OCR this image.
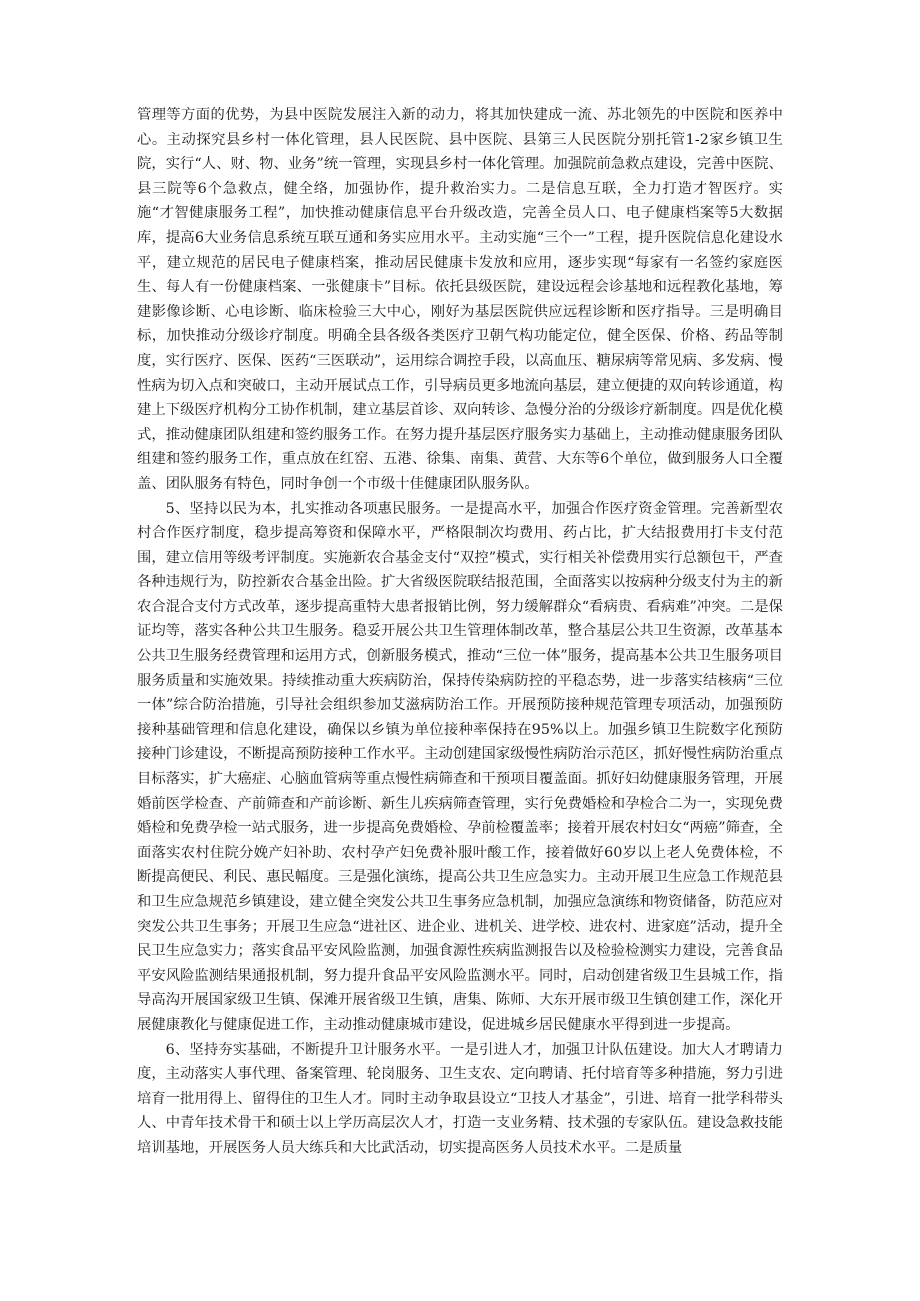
管理等方面的优势，为县中医院发展注入新的动力，将其加快建成一流、苏北领先的中医院和医养中心。主动探究县乡村一体化管理，县人民医院、县中医院、县第三人民医院分别托管1-2家乡镇卫生院，实行“人、财、物、业务”统一管理，实现县乡村一体化管理。加强院前急救点建设，完善中医院、县三院等6个急救点，健全络，加强协作，提升救治实力。二是信息互联，全力打造才智医疗。实施“才智健康服务工程”，加快推动健康信息平台升级改造，完善全员人口、电子健康档案等5大数据库，提高6大业务信息系统互联互通和务实应用水平。主动实施“三个一”工程，提升医院信息化建设水平，建立规范的居民电子健康档案，推动居民健康卡发放和应用，逐步实现“每家有一名签约家庭医生、每人有一份健康档案、一张健康卡”目标。依托县级医院，建设远程会诊基地和远程教化基地，筹建影像诊断、心电诊断、临床检验三大中心，刚好为基层医院供应远程诊断和医疗指导。三是明确目标，加快推动分级诊疗制度。明确全县各级各类医疗卫朝气构功能定位，健全医保、价格、药品等制度，实行医疗、医保、医药“三医联动”，运用综合调控手段，以高血压、糖尿病等常见病、多发病、慢性病为切入点和突破口，主动开展试点工作，引导病员更多地流向基层，建立便捷的双向转诊通道，构建上下级医疗机构分工协作机制，建立基层首诊、双向转诊、急慢分治的分级诊疗新制度。四是优化模式，推动健康团队组建和签约服务工作。在努力提升基层医疗服务实力基础上，主动推动健康服务团队组建和签约服务工作，重点放在红窑、五港、徐集、南集、黄营、大东等6个单位，做到服务人口全覆盖、团队服务有特色，同时争创一个市级十佳健康团队服务队。

5、坚持以民为本，扎实推动各项惠民服务。一是提高水平，加强合作医疗资金管理。完善新型农村合作医疗制度，稳步提高筹资和保障水平，严格限制次均费用、药占比，扩大结报费用打卡支付范围，建立信用等级考评制度。实施新农合基金支付“双控”模式，实行相关补偿费用实行总额包干，严查各种违规行为，防控新农合基金出险。扩大省级医院联结报范围，全面落实以按病种分级支付为主的新农合混合支付方式改革，逐步提高重特大患者报销比例，努力缓解群众“看病贵、看病难”冲突。二是保证均等，落实各种公共卫生服务。稳妥开展公共卫生管理体制改革，整合基层公共卫生资源，改革基本公共卫生服务经费管理和运用方式，创新服务模式，推动“三位一体”服务，提高基本公共卫生服务项目服务质量和实施效果。持续推动重大疾病防治，保持传染病防控的平稳态势，进一步落实结核病“三位一体”综合防治措施，引导社会组织参加艾滋病防治工作。开展预防接种规范管理专项活动，加强预防接种基础管理和信息化建设，确保以乡镇为单位接种率保持在95%以上。加强乡镇卫生院数字化预防接种门诊建设，不断提高预防接种工作水平。主动创建国家级慢性病防治示范区，抓好慢性病防治重点目标落实，扩大癌症、心脑血管病等重点慢性病筛查和干预项目覆盖面。抓好妇幼健康服务管理，开展婚前医学检查、产前筛查和产前诊断、新生儿疾病筛查管理，实行免费婚检和孕检合二为一，实现免费婚检和免费孕检一站式服务，进一步提高免费婚检、孕前检覆盖率；接着开展农村妇女“两癌”筛查，全面落实农村住院分娩产妇补助、农村孕产妇免费补服叶酸工作，接着做好60岁以上老人免费体检，不断提高便民、利民、惠民幅度。三是强化演练，提高公共卫生应急实力。主动开展卫生应急工作规范县和卫生应急规范乡镇建设，建立健全突发公共卫生事务应急机制，加强应急演练和物资储备，防范应对突发公共卫生事务；开展卫生应急“进社区、进企业、进机关、进学校、进农村、进家庭”活动，提升全民卫生应急实力；落实食品平安风险监测，加强食源性疾病监测报告以及检验检测实力建设，完善食品平安风险监测结果通报机制，努力提升食品平安风险监测水平。同时，启动创建省级卫生县城工作，指导高沟开展国家级卫生镇、保滩开展省级卫生镇，唐集、陈师、大东开展市级卫生镇创建工作，深化开展健康教化与健康促进工作，主动推动健康城市建设，促进城乡居民健康水平得到进一步提高。

6、坚持夯实基础，不断提升卫计服务水平。一是引进人才，加强卫计队伍建设。加大人才聘请力度，主动落实人事代理、备案管理、轮岗服务、卫生支农、定向聘请、托付培育等多种措施，努力引进培育一批用得上、留得住的卫生人才。同时主动争取县设立“卫技人才基金”，引进、培育一批学科带头人、中青年技术骨干和硕士以上学历高层次人才，打造一支业务精、技术强的专家队伍。建设急救技能培训基地，开展医务人员大练兵和大比武活动，切实提高医务人员技术水平。二是质量
